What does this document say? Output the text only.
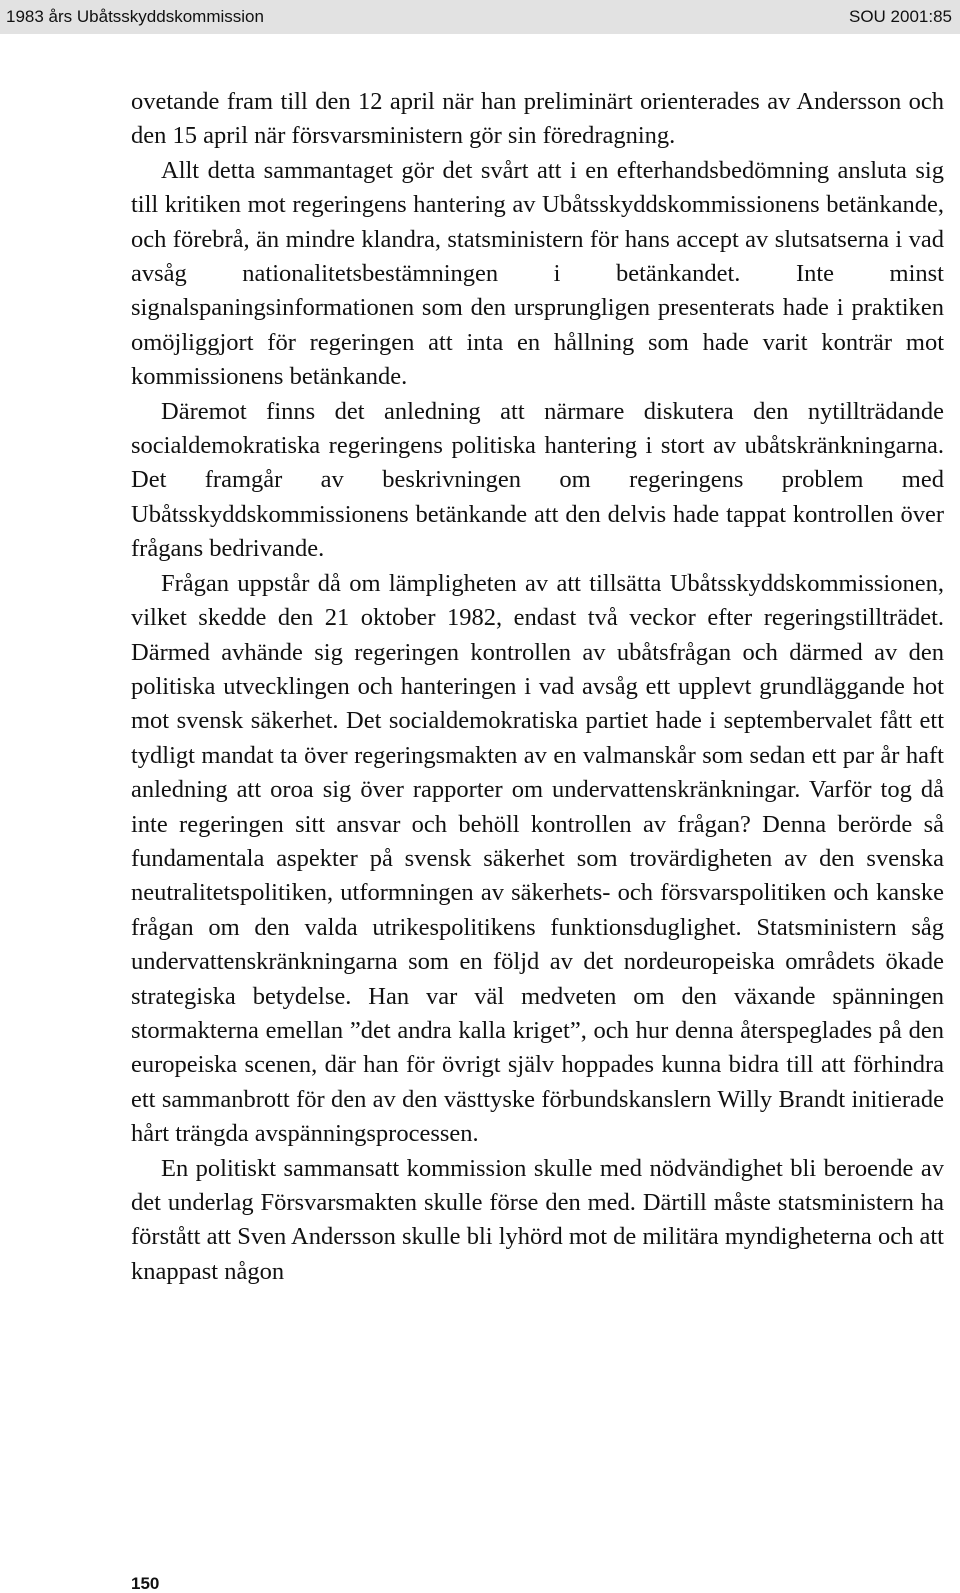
1983 års Ubåtsskyddskommission	SOU 2001:85

ovetande fram till den 12 april när han preliminärt orienterades av Andersson och den 15 april när försvarsministern gör sin föredragning.

Allt detta sammantaget gör det svårt att i en efterhandsbedömning ansluta sig till kritiken mot regeringens hantering av Ubåtsskyddskommissionens betänkande, och förebrå, än mindre klandra, statsministern för hans accept av slutsatserna i vad avsåg nationalitetsbestämningen i betänkandet. Inte minst signalspaningsinformationen som den ursprungligen presenterats hade i praktiken omöjliggjort för regeringen att inta en hållning som hade varit konträr mot kommissionens betänkande.

Däremot finns det anledning att närmare diskutera den nytillträdande socialdemokratiska regeringens politiska hantering i stort av ubåtskränkningarna. Det framgår av beskrivningen om regeringens problem med Ubåtsskyddskommissionens betänkande att den delvis hade tappat kontrollen över frågans bedrivande.

Frågan uppstår då om lämpligheten av att tillsätta Ubåtsskyddskommissionen, vilket skedde den 21 oktober 1982, endast två veckor efter regeringstillträdet. Därmed avhände sig regeringen kontrollen av ubåtsfrågan och därmed av den politiska utvecklingen och hanteringen i vad avsåg ett upplevt grundläggande hot mot svensk säkerhet. Det socialdemokratiska partiet hade i septembervalet fått ett tydligt mandat ta över regeringsmakten av en valmanskår som sedan ett par år haft anledning att oroa sig över rapporter om undervattenskränkningar. Varför tog då inte regeringen sitt ansvar och behöll kontrollen av frågan? Denna berörde så fundamentala aspekter på svensk säkerhet som trovärdigheten av den svenska neutralitetspolitiken, utformningen av säkerhets- och försvarspolitiken och kanske frågan om den valda utrikespolitikens funktionsduglighet. Statsministern såg undervattenskränkningarna som en följd av det nordeuropeiska områdets ökade strategiska betydelse. Han var väl medveten om den växande spänningen stormakterna emellan ”det andra kalla kriget”, och hur denna återspeglades på den europeiska scenen, där han för övrigt själv hoppades kunna bidra till att förhindra ett sammanbrott för den av den västtyske förbundskanslern Willy Brandt initierade hårt trängda avspänningsprocessen.

En politiskt sammansatt kommission skulle med nödvändighet bli beroende av det underlag Försvarsmakten skulle förse den med. Därtill måste statsministern ha förstått att Sven Andersson skulle bli lyhörd mot de militära myndigheterna och att knappast någon

150
